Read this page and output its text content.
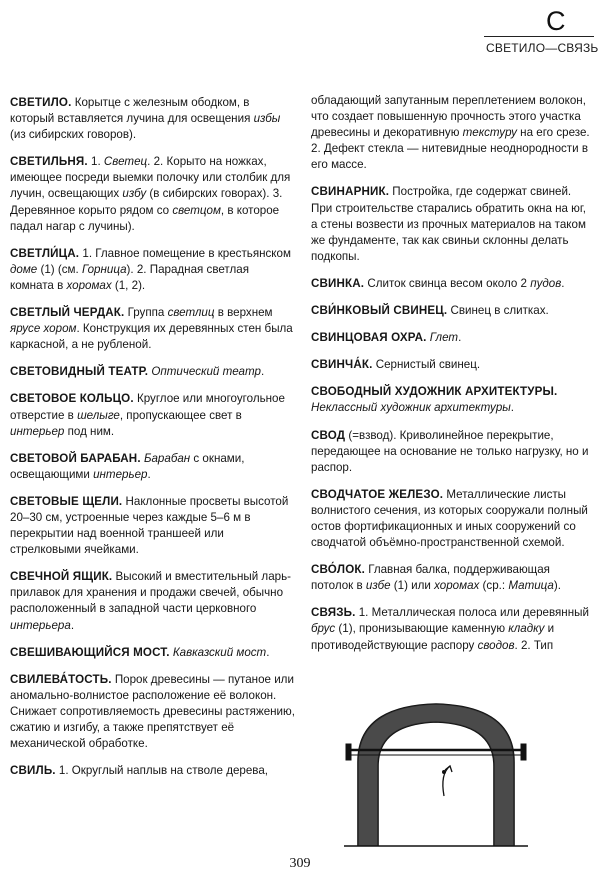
С
СВЕТИЛО—СВЯЗЬ
СВЕТИЛО. Корытце с железным ободком, в который вставляется лучина для освещения избы (из сибирских говоров).
СВЕТИЛЬНЯ. 1. Светец. 2. Корыто на ножках, имеющее посреди выемки полочку или столбик для лучин, освещающих избу (в сибирских говорах). 3. Деревянное корыто рядом со светцом, в которое падал нагар с лучины).
СВЕТЛИ́ЦА. 1. Главное помещение в крестьянском доме (1) (см. Горница). 2. Парадная светлая комната в хоромах (1, 2).
СВЕТЛЫЙ ЧЕРДАК. Группа светлиц в верхнем ярусе хором. Конструкция их деревянных стен была каркасной, а не рубленой.
СВЕТОВИДНЫЙ ТЕАТР. Оптический театр.
СВЕТОВОЕ КОЛЬЦО. Круглое или многоугольное отверстие в шелыге, пропускающее свет в интерьер под ним.
СВЕТОВОЙ БАРАБАН. Барабан с окнами, освещающими интерьер.
СВЕТОВЫЕ ЩЕЛИ. Наклонные просветы высотой 20–30 см, устроенные через каждые 5–6 м в перекрытии над военной траншеей или стрелковыми ячейками.
СВЕЧНОЙ ЯЩИК. Высокий и вместительный ларь-прилавок для хранения и продажи свечей, обычно расположенный в западной части церковного интерьера.
СВЕШИВАЮЩИЙСЯ МОСТ. Кавказский мост.
СВИЛЕВА́ТОСТЬ. Порок древесины — путаное или аномально-волнистое расположение её волокон. Снижает сопротивляемость древесины растяжению, сжатию и изгибу, а также препятствует её механической обработке.
СВИЛЬ. 1. Округлый наплыв на стволе дерева,
обладающий запутанным переплетением волокон, что создает повышенную прочность этого участка древесины и декоративную текстуру на его срезе. 2. Дефект стекла — нитевидные неоднородности в его массе.
СВИНАРНИК. Постройка, где содержат свиней. При строительстве старались обратить окна на юг, а стены возвести из прочных материалов на таком же фундаменте, так как свиньи склонны делать подкопы.
СВИНКА. Слиток свинца весом около 2 пудов.
СВИ́НКОВЫЙ СВИНЕЦ. Свинец в слитках.
СВИНЦОВАЯ ОХРА. Глет.
СВИНЧА́К. Сернистый свинец.
СВОБОДНЫЙ ХУДОЖНИК АРХИТЕКТУРЫ. Неклассный художник архитектуры.
СВОД (=взвод). Криволинейное перекрытие, передающее на основание не только нагрузку, но и распор.
СВОДЧАТОЕ ЖЕЛЕЗО. Металлические листы волнистого сечения, из которых сооружали полный остов фортификационных и иных сооружений со сводчатой объёмно-пространственной схемой.
СВО́ЛОК. Главная балка, поддерживающая потолок в избе (1) или хоромах (ср.: Матица).
СВЯЗЬ. 1. Металлическая полоса или деревянный брус (1), пронизывающие каменную кладку и противодействующие распору сводов. 2. Тип
309
